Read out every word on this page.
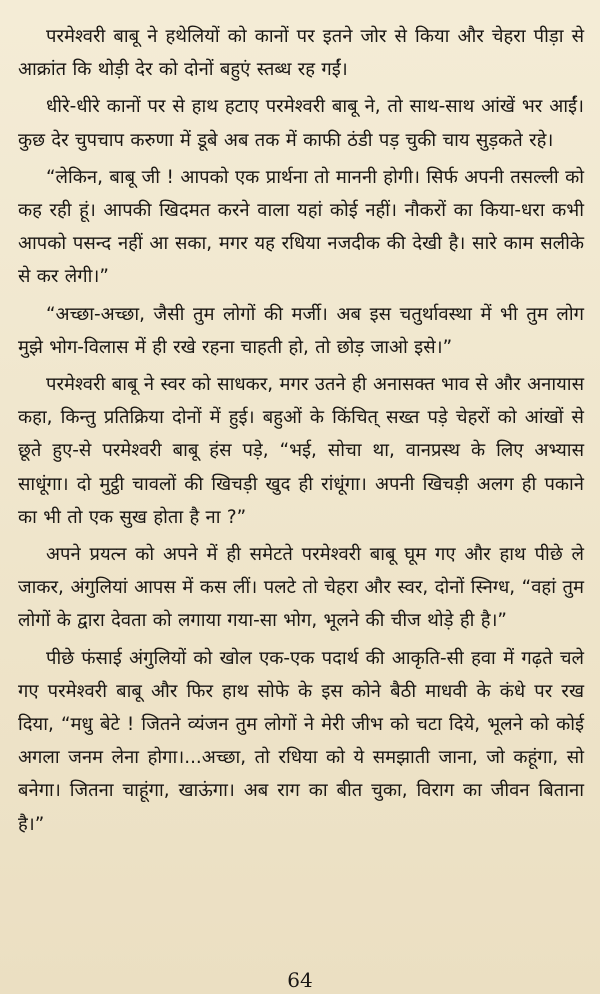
परमेश्वरी बाबू ने हथेलियों को कानों पर इतने जोर से किया और चेहरा पीड़ा से आक्रांत कि थोड़ी देर को दोनों बहुएं स्तब्ध रह गईं।

धीरे-धीरे कानों पर से हाथ हटाए परमेश्वरी बाबू ने, तो साथ-साथ आंखें भर आईं। कुछ देर चुपचाप करुणा में डूबे अब तक में काफी ठंडी पड़ चुकी चाय सुड़कते रहे।

“लेकिन, बाबू जी ! आपको एक प्रार्थना तो माननी होगी। सिर्फ अपनी तसल्ली को कह रही हूं। आपकी खिदमत करने वाला यहां कोई नहीं। नौकरों का किया-धरा कभी आपको पसन्द नहीं आ सका, मगर यह रधिया नजदीक की देखी है। सारे काम सलीके से कर लेगी।”

“अच्छा-अच्छा, जैसी तुम लोगों की मर्जी। अब इस चतुर्थावस्था में भी तुम लोग मुझे भोग-विलास में ही रखे रहना चाहती हो, तो छोड़ जाओ इसे।”

परमेश्वरी बाबू ने स्वर को साधकर, मगर उतने ही अनासक्त भाव से और अनायास कहा, किन्तु प्रतिक्रिया दोनों में हुई। बहुओं के किंचित् सख्त पड़े चेहरों को आंखों से छूते हुए-से परमेश्वरी बाबू हंस पड़े, “भई, सोचा था, वानप्रस्थ के लिए अभ्यास साधूंगा। दो मुट्ठी चावलों की खिचड़ी खुद ही रांधूंगा। अपनी खिचड़ी अलग ही पकाने का भी तो एक सुख होता है ना ?”

अपने प्रयत्न को अपने में ही समेटते परमेश्वरी बाबू घूम गए और हाथ पीछे ले जाकर, अंगुलियां आपस में कस लीं। पलटे तो चेहरा और स्वर, दोनों स्निग्ध, “वहां तुम लोगों के द्वारा देवता को लगाया गया-सा भोग, भूलने की चीज थोड़े ही है।”

पीछे फंसाई अंगुलियों को खोल एक-एक पदार्थ की आकृति-सी हवा में गढ़ते चले गए परमेश्वरी बाबू और फिर हाथ सोफे के इस कोने बैठी माधवी के कंधे पर रख दिया, “मधु बेटे ! जितने व्यंजन तुम लोगों ने मेरी जीभ को चटा दिये, भूलने को कोई अगला जनम लेना होगा।...अच्छा, तो रधिया को ये समझाती जाना, जो कहूंगा, सो बनेगा। जितना चाहूंगा, खाऊंगा। अब राग का बीत चुका, विराग का जीवन बिताना है।”

64
